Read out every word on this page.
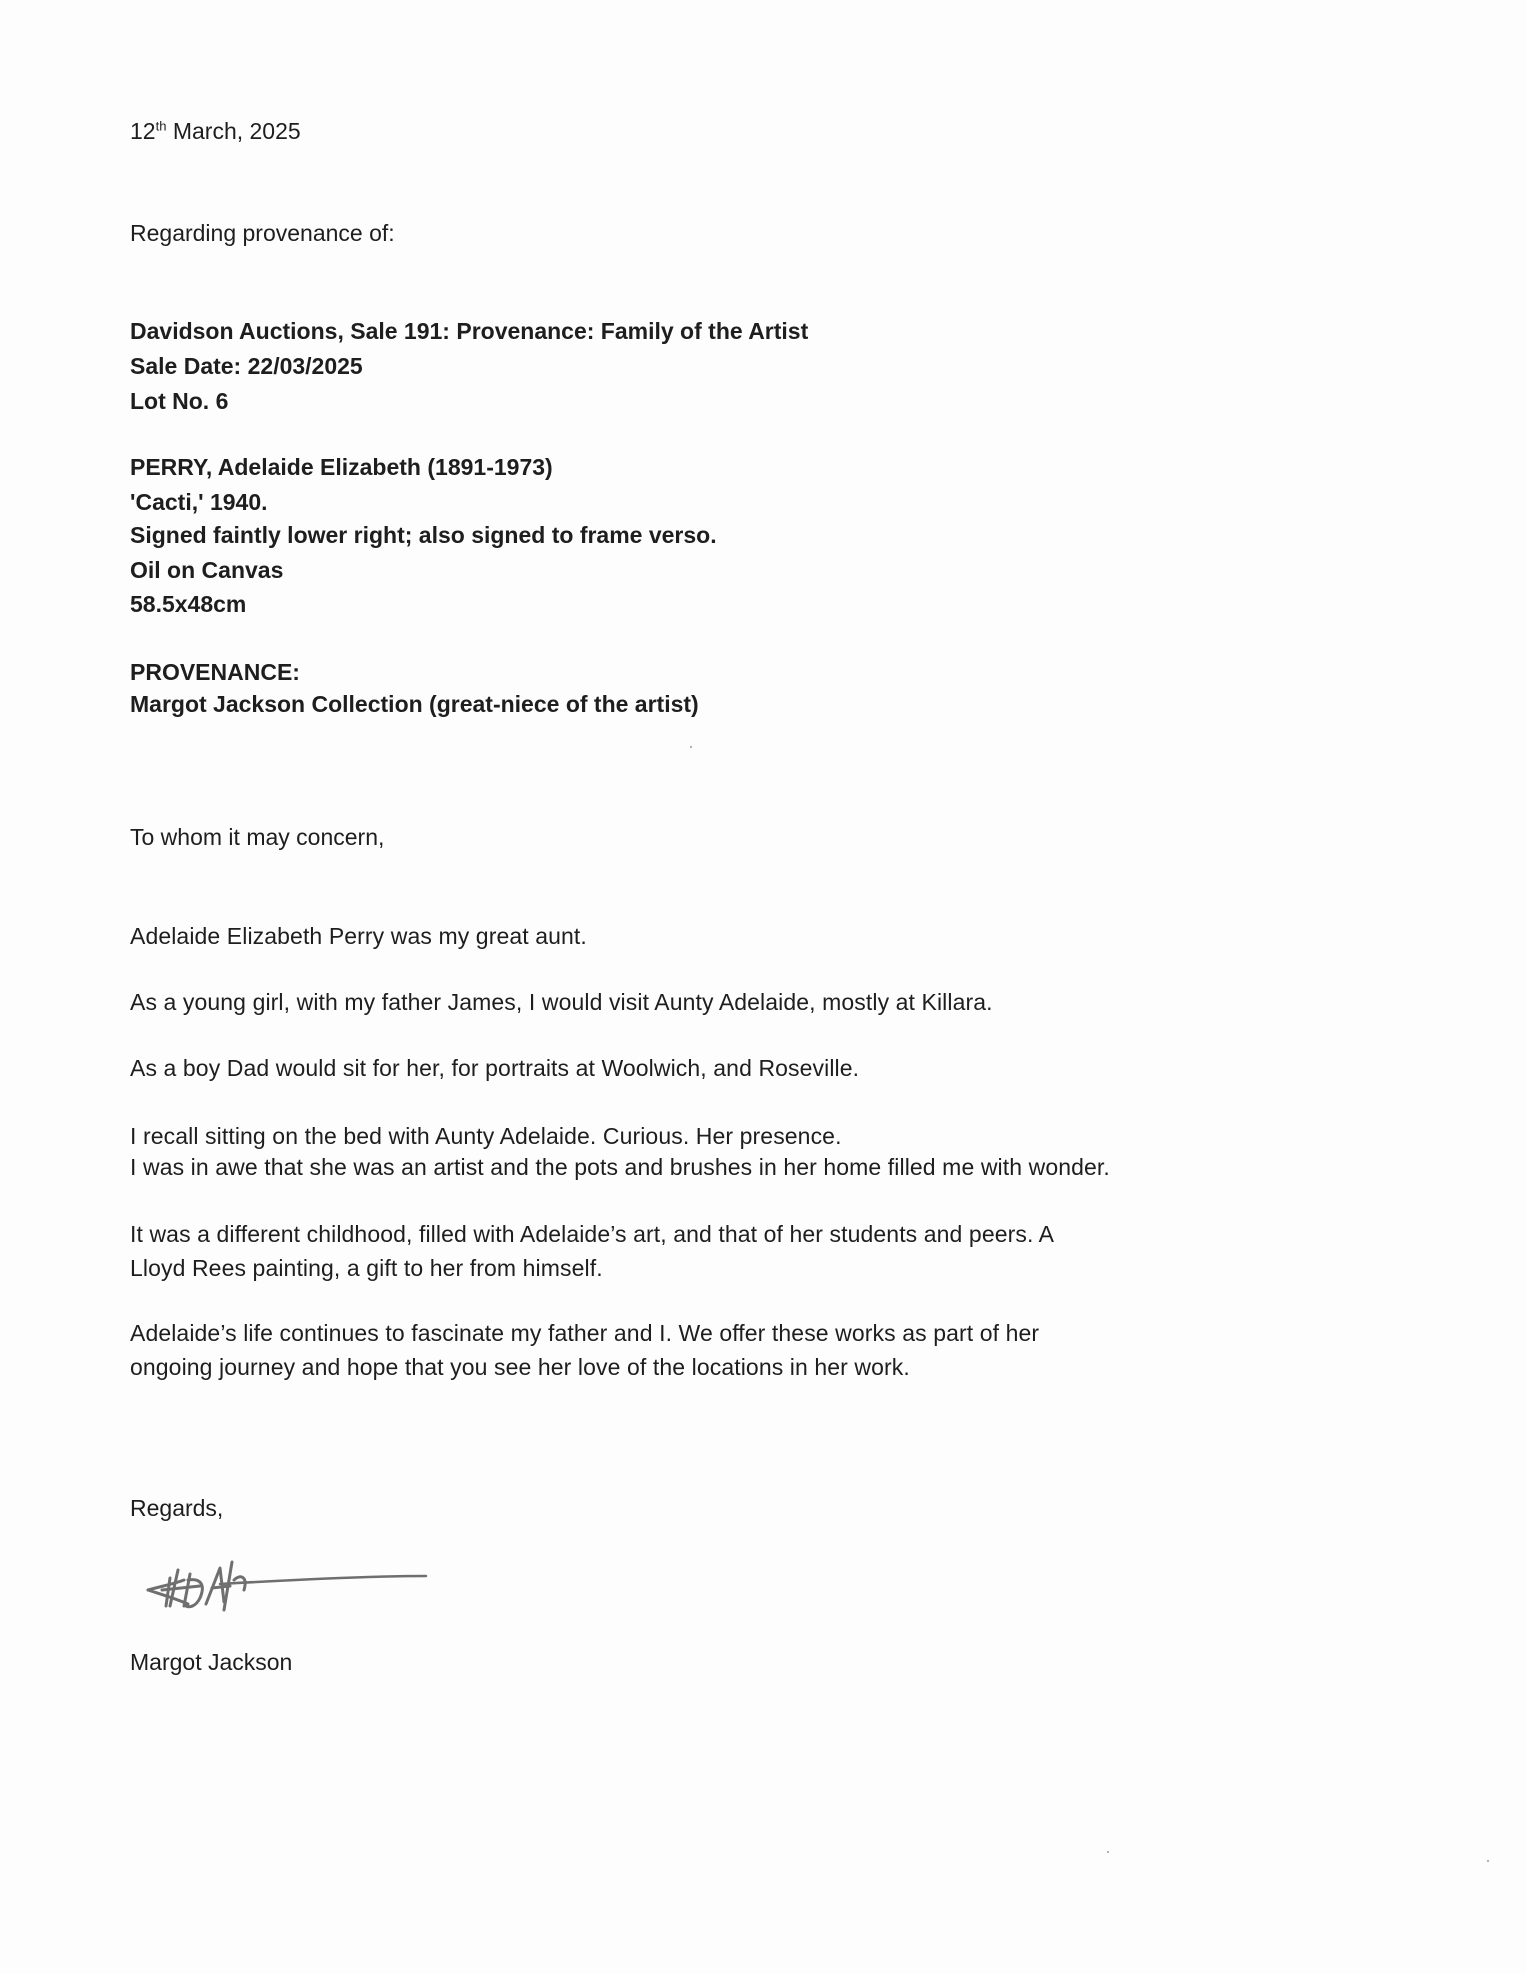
12th March, 2025
Regarding provenance of:
Davidson Auctions, Sale 191: Provenance: Family of the Artist
Sale Date: 22/03/2025
Lot No. 6
PERRY, Adelaide Elizabeth (1891-1973)
'Cacti,' 1940.
Signed faintly lower right; also signed to frame verso.
Oil on Canvas
58.5x48cm
PROVENANCE:
Margot Jackson Collection (great-niece of the artist)
To whom it may concern,
Adelaide Elizabeth Perry was my great aunt.
As a young girl, with my father James, I would visit Aunty Adelaide, mostly at Killara.
As a boy Dad would sit for her, for portraits at Woolwich, and Roseville.
I recall sitting on the bed with Aunty Adelaide. Curious. Her presence.
I was in awe that she was an artist and the pots and brushes in her home filled me with wonder.
It was a different childhood, filled with Adelaide’s art, and that of her students and peers. A
Lloyd Rees painting, a gift to her from himself.
Adelaide’s life continues to fascinate my father and I. We offer these works as part of her
ongoing journey and hope that you see her love of the locations in her work.
Regards,
Margot Jackson
